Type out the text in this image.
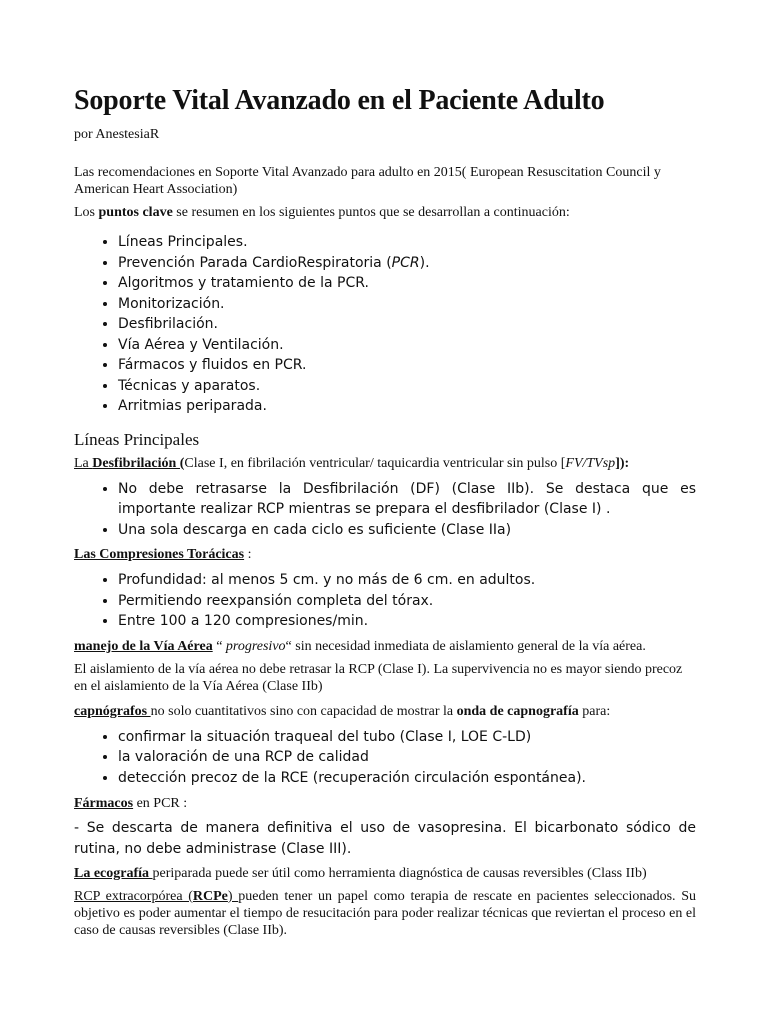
Soporte Vital Avanzado en el Paciente Adulto

por AnestesiaR

Las recomendaciones en Soporte Vital Avanzado para adulto en 2015( European Resuscitation Council y American Heart Association)

Los puntos clave se resumen en los siguientes puntos que se desarrollan a continuación:

• Líneas Principales.
• Prevención Parada CardioRespiratoria (PCR).
• Algoritmos y tratamiento de la PCR.
• Monitorización.
• Desfibrilación.
• Vía Aérea y Ventilación.
• Fármacos y fluidos en PCR.
• Técnicas y aparatos.
• Arritmias periparada.
Líneas Principales

La Desfibrilación (Clase I, en fibrilación ventricular/ taquicardia ventricular sin pulso [FV/TVsp]):

• No debe retrasarse la Desfibrilación (DF) (Clase IIb). Se destaca que es importante realizar RCP mientras se prepara el desfibrilador (Clase I) .
• Una sola descarga en cada ciclo es suficiente (Clase IIa)

Las Compresiones Torácicas :

• Profundidad: al menos 5 cm. y no más de 6 cm. en adultos.
• Permitiendo reexpansión completa del tórax.
• Entre 100 a 120 compresiones/min.

manejo de la Vía Aérea “ progresivo“ sin necesidad inmediata de aislamiento general de la vía aérea.

El aislamiento de la vía aérea no debe retrasar la RCP (Clase I). La supervivencia no es mayor siendo precoz en el aislamiento de la Vía Aérea (Clase IIb)

capnógrafos no solo cuantitativos sino con capacidad de mostrar la onda de capnografía para:

• confirmar la situación traqueal del tubo (Clase I, LOE C-LD)
• la valoración de una RCP de calidad
• detección precoz de la RCE (recuperación circulación espontánea).

Fármacos en PCR :

- Se descarta de manera definitiva el uso de vasopresina. El bicarbonato sódico de rutina, no debe administrase (Clase III).

La ecografía periparada puede ser útil como herramienta diagnóstica de causas reversibles (Class IIb)

RCP extracorpórea (RCPe) pueden tener un papel como terapia de rescate en pacientes seleccionados. Su objetivo es poder aumentar el tiempo de resucitación para poder realizar técnicas que reviertan el proceso en el caso de causas reversibles (Clase IIb).
